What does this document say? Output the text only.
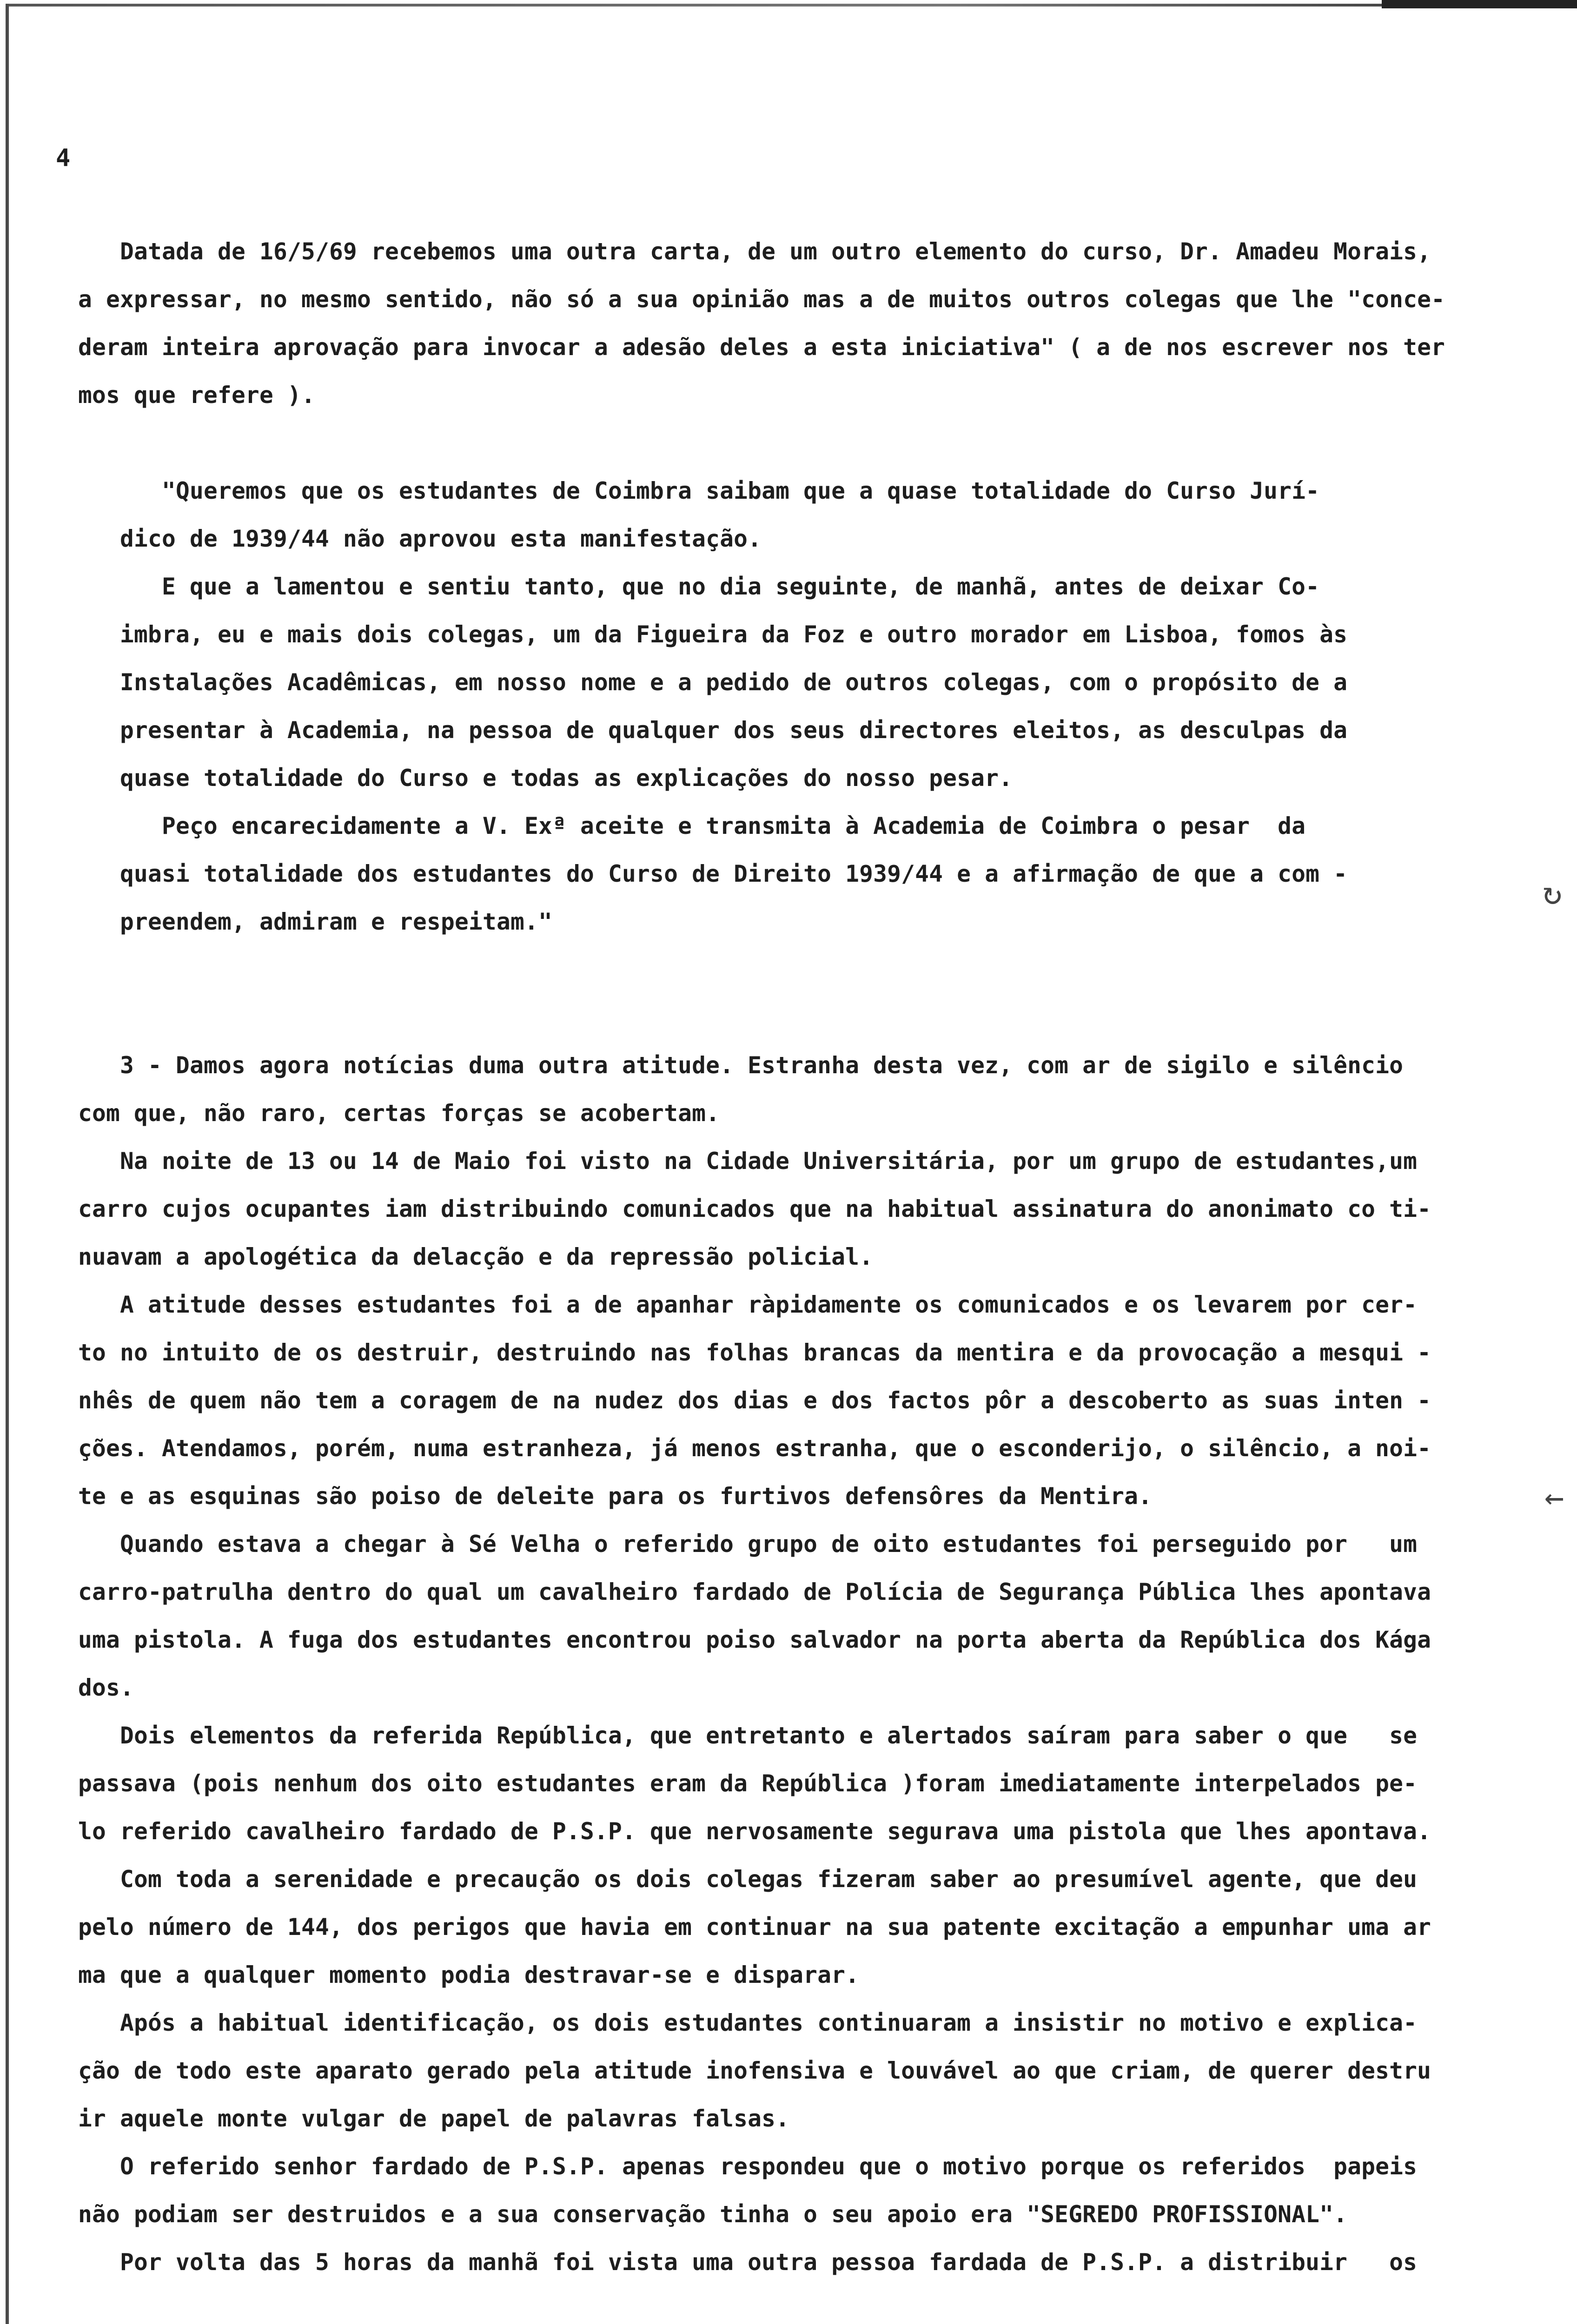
↻
←
4
Datada de 16/5/69 recebemos uma outra carta, de um outro elemento do curso, Dr. Amadeu Morais,
a expressar, no mesmo sentido, não só a sua opinião mas a de muitos outros colegas que lhe "conce-
deram inteira aprovação para invocar a adesão deles a esta iniciativa" ( a de nos escrever nos ter
mos que refere ).

"Queremos que os estudantes de Coimbra saibam que a quase totalidade do Curso Jurí-
dico de 1939/44 não aprovou esta manifestação.
E que a lamentou e sentiu tanto, que no dia seguinte, de manhã, antes de deixar Co-
imbra, eu e mais dois colegas, um da Figueira da Foz e outro morador em Lisboa, fomos às
Instalações Acadêmicas, em nosso nome e a pedido de outros colegas, com o propósito de a
presentar à Academia, na pessoa de qualquer dos seus directores eleitos, as desculpas da
quase totalidade do Curso e todas as explicações do nosso pesar.
Peço encarecidamente a V. Exª aceite e transmita à Academia de Coimbra o pesar  da
quasi totalidade dos estudantes do Curso de Direito 1939/44 e a afirmação de que a com -
preendem, admiram e respeitam."

3 - Damos agora notícias duma outra atitude. Estranha desta vez, com ar de sigilo e silêncio
com que, não raro, certas forças se acobertam.
Na noite de 13 ou 14 de Maio foi visto na Cidade Universitária, por um grupo de estudantes,um
carro cujos ocupantes iam distribuindo comunicados que na habitual assinatura do anonimato co ti-
nuavam a apologética da delacção e da repressão policial.
A atitude desses estudantes foi a de apanhar ràpidamente os comunicados e os levarem por cer-
to no intuito de os destruir, destruindo nas folhas brancas da mentira e da provocação a mesqui -
nhês de quem não tem a coragem de na nudez dos dias e dos factos pôr a descoberto as suas inten -
ções. Atendamos, porém, numa estranheza, já menos estranha, que o esconderijo, o silêncio, a noi-
te e as esquinas são poiso de deleite para os furtivos defensôres da Mentira.
Quando estava a chegar à Sé Velha o referido grupo de oito estudantes foi perseguido por   um
carro-patrulha dentro do qual um cavalheiro fardado de Polícia de Segurança Pública lhes apontava
uma pistola. A fuga dos estudantes encontrou poiso salvador na porta aberta da República dos Kága
dos.
Dois elementos da referida República, que entretanto e alertados saíram para saber o que   se
passava (pois nenhum dos oito estudantes eram da República )foram imediatamente interpelados pe-
lo referido cavalheiro fardado de P.S.P. que nervosamente segurava uma pistola que lhes apontava.
Com toda a serenidade e precaução os dois colegas fizeram saber ao presumível agente, que deu
pelo número de 144, dos perigos que havia em continuar na sua patente excitação a empunhar uma ar
ma que a qualquer momento podia destravar-se e disparar.
Após a habitual identificação, os dois estudantes continuaram a insistir no motivo e explica-
ção de todo este aparato gerado pela atitude inofensiva e louvável ao que criam, de querer destru
ir aquele monte vulgar de papel de palavras falsas.
O referido senhor fardado de P.S.P. apenas respondeu que o motivo porque os referidos  papeis
não podiam ser destruidos e a sua conservação tinha o seu apoio era "SEGREDO PROFISSIONAL".
Por volta das 5 horas da manhã foi vista uma outra pessoa fardada de P.S.P. a distribuir   os
